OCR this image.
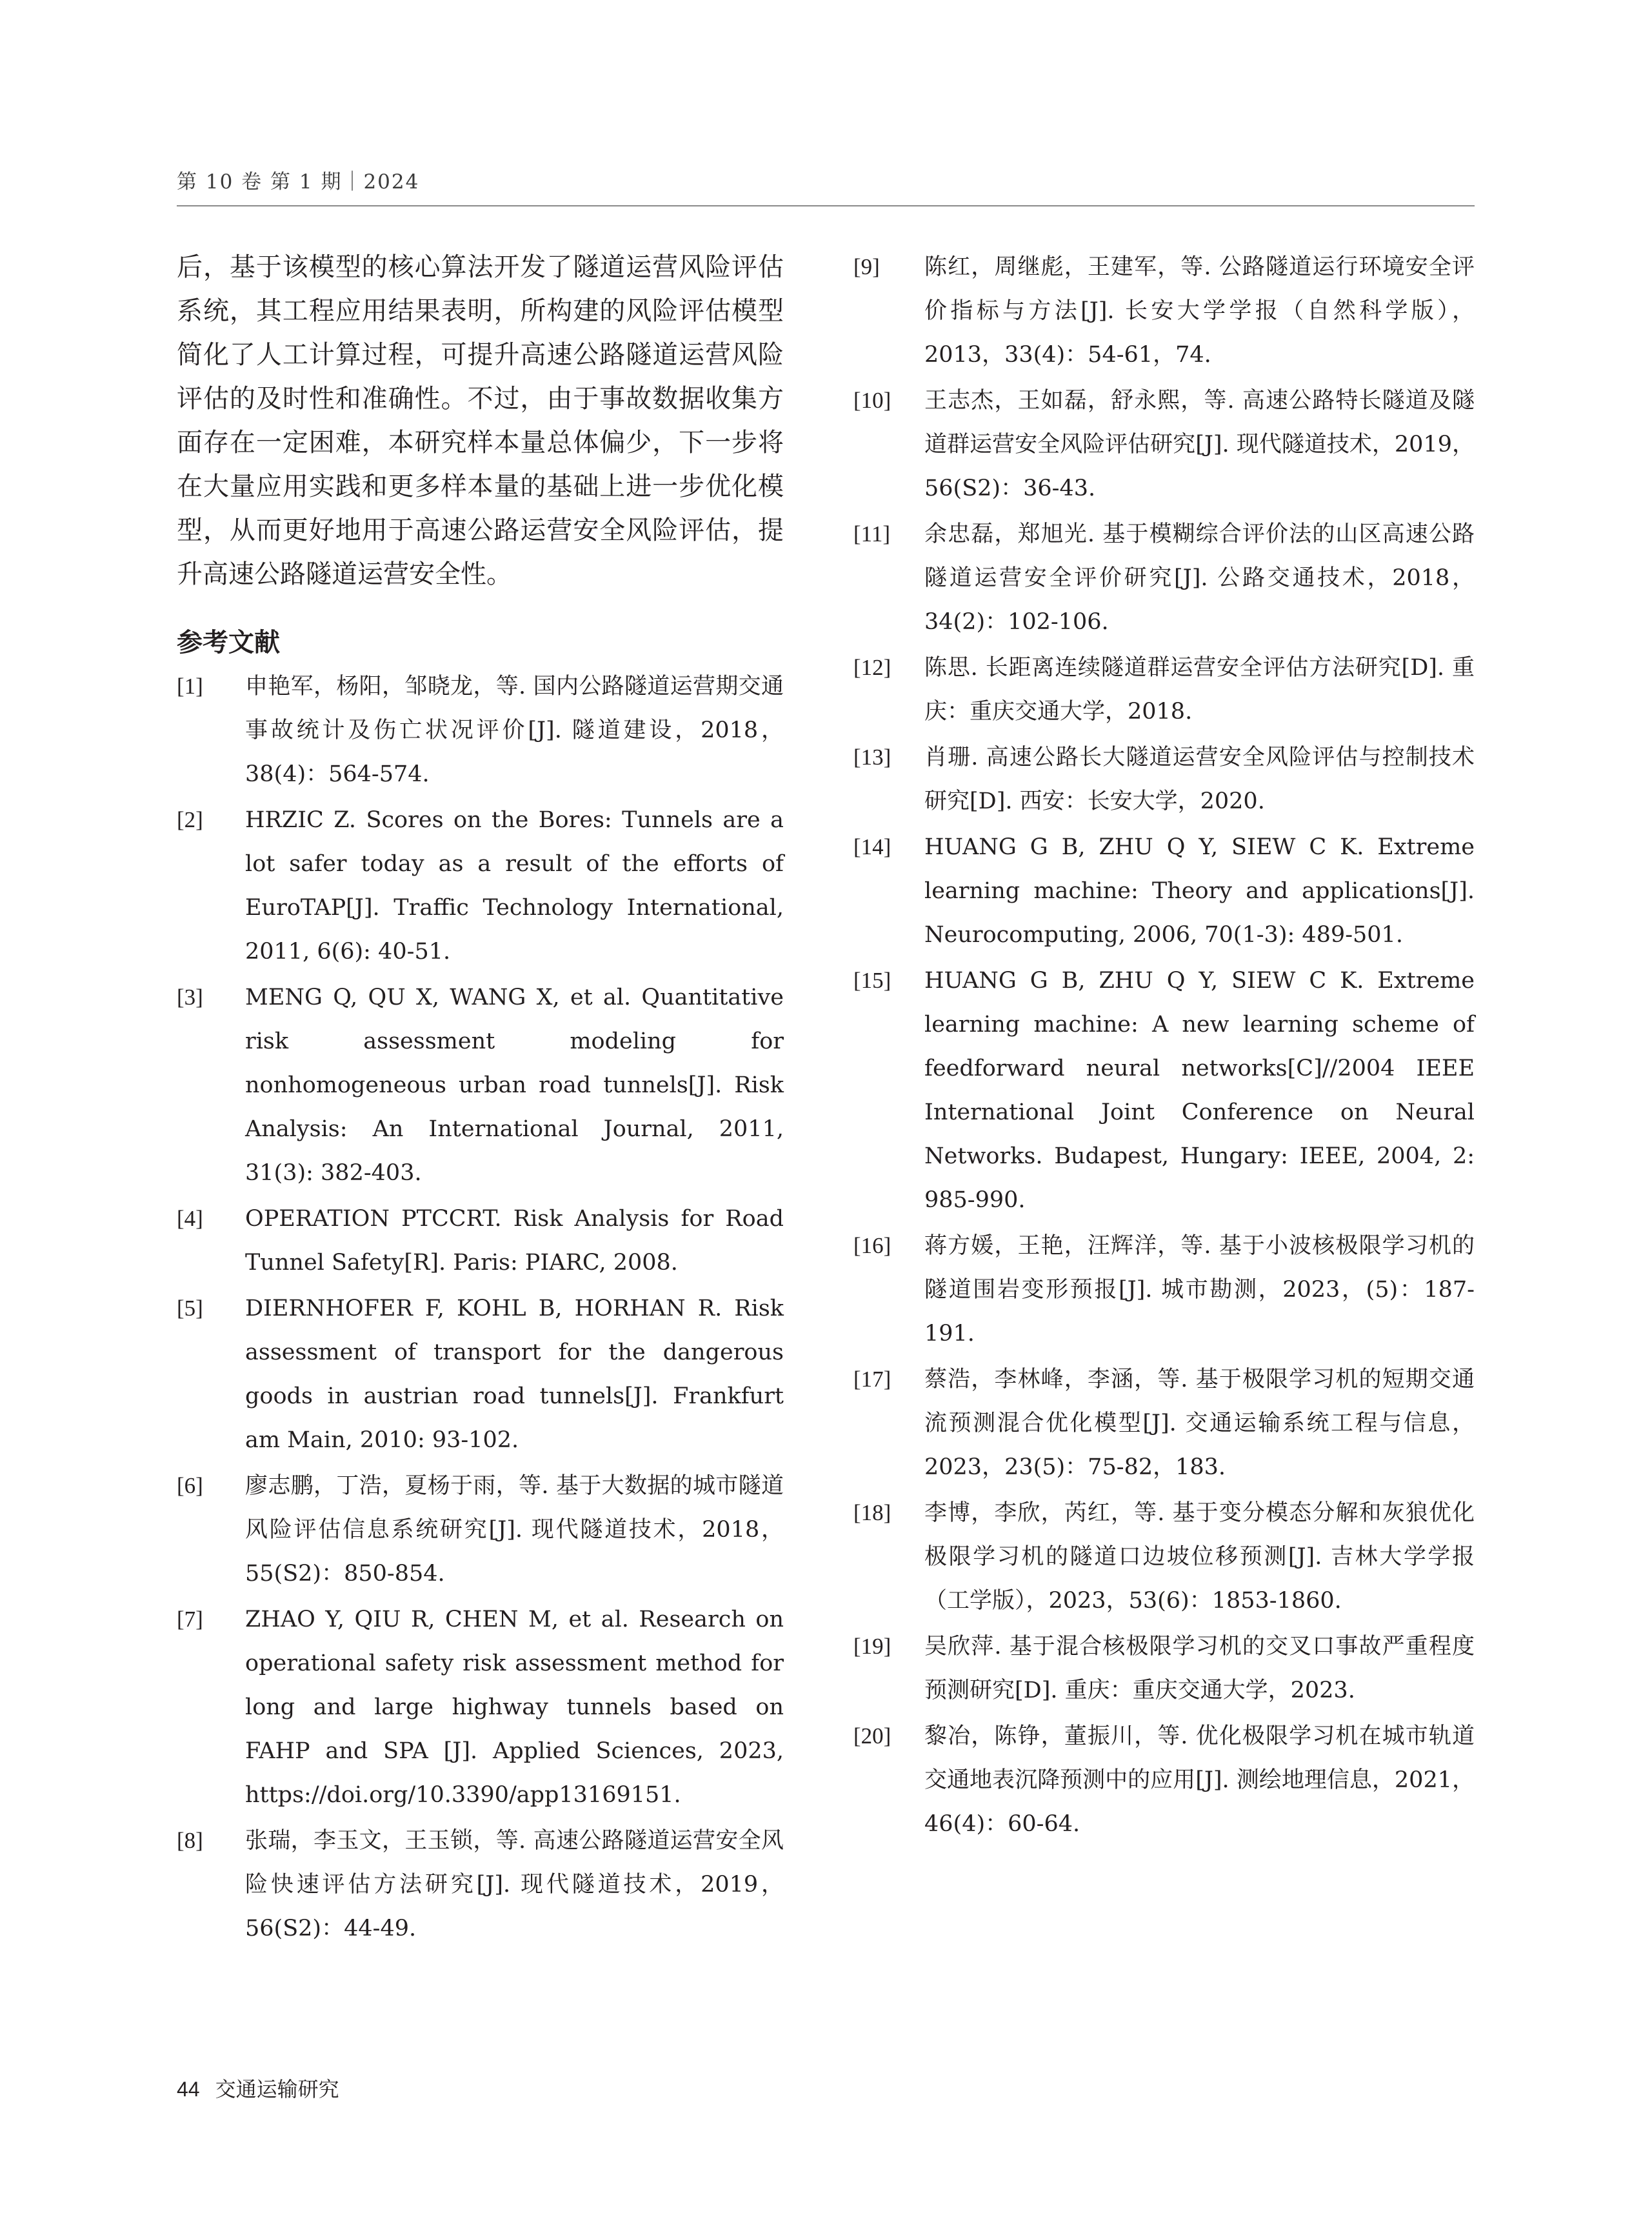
第 10 卷 第 1 期｜2024

后，基于该模型的核心算法开发了隧道运营风险评估系统，其工程应用结果表明，所构建的风险评估模型简化了人工计算过程，可提升高速公路隧道运营风险评估的及时性和准确性。不过，由于事故数据收集方面存在一定困难，本研究样本量总体偏少，下一步将在大量应用实践和更多样本量的基础上进一步优化模型，从而更好地用于高速公路运营安全风险评估，提升高速公路隧道运营安全性。

参考文献

[1] 申艳军，杨阳，邹晓龙，等. 国内公路隧道运营期交通事故统计及伤亡状况评价[J]. 隧道建设，2018，38(4)：564-574.
[2] HRZIC Z. Scores on the Bores: Tunnels are a lot safer today as a result of the efforts of EuroTAP[J]. Traffic Technology International, 2011, 6(6): 40-51.
[3] MENG Q, QU X, WANG X, et al. Quantitative risk assessment modeling for nonhomogeneous urban road tunnels[J]. Risk Analysis: An International Journal, 2011, 31(3): 382-403.
[4] OPERATION PTCCRT. Risk Analysis for Road Tunnel Safety[R]. Paris: PIARC, 2008.
[5] DIERNHOFER F, KOHL B, HORHAN R. Risk assessment of transport for the dangerous goods in austrian road tunnels[J]. Frankfurt am Main, 2010: 93-102.
[6] 廖志鹏，丁浩，夏杨于雨，等. 基于大数据的城市隧道风险评估信息系统研究[J]. 现代隧道技术，2018，55(S2)：850-854.
[7] ZHAO Y, QIU R, CHEN M, et al. Research on operational safety risk assessment method for long and large highway tunnels based on FAHP and SPA [J]. Applied Sciences, 2023, https://doi.org/10.3390/app13169151.
[8] 张瑞，李玉文，王玉锁，等. 高速公路隧道运营安全风险快速评估方法研究[J]. 现代隧道技术，2019，56(S2)：44-49.
[9] 陈红，周继彪，王建军，等. 公路隧道运行环境安全评价指标与方法[J]. 长安大学学报（自然科学版），2013，33(4)：54-61，74.
[10] 王志杰，王如磊，舒永熙，等. 高速公路特长隧道及隧道群运营安全风险评估研究[J]. 现代隧道技术，2019，56(S2)：36-43.
[11] 余忠磊，郑旭光. 基于模糊综合评价法的山区高速公路隧道运营安全评价研究[J]. 公路交通技术，2018，34(2)：102-106.
[12] 陈思. 长距离连续隧道群运营安全评估方法研究[D]. 重庆：重庆交通大学，2018.
[13] 肖珊. 高速公路长大隧道运营安全风险评估与控制技术研究[D]. 西安：长安大学，2020.
[14] HUANG G B, ZHU Q Y, SIEW C K. Extreme learning machine: Theory and applications[J]. Neurocomputing, 2006, 70(1-3): 489-501.
[15] HUANG G B, ZHU Q Y, SIEW C K. Extreme learning machine: A new learning scheme of feedforward neural networks[C]//2004 IEEE International Joint Conference on Neural Networks. Budapest, Hungary: IEEE, 2004, 2: 985-990.
[16] 蒋方媛，王艳，汪辉洋，等. 基于小波核极限学习机的隧道围岩变形预报[J]. 城市勘测，2023，(5)：187-191.
[17] 蔡浩，李林峰，李涵，等. 基于极限学习机的短期交通流预测混合优化模型[J]. 交通运输系统工程与信息，2023，23(5)：75-82，183.
[18] 李博，李欣，芮红，等. 基于变分模态分解和灰狼优化极限学习机的隧道口边坡位移预测[J]. 吉林大学学报（工学版），2023，53(6)：1853-1860.
[19] 吴欣萍. 基于混合核极限学习机的交叉口事故严重程度预测研究[D]. 重庆：重庆交通大学，2023.
[20] 黎冶，陈铮，董振川，等. 优化极限学习机在城市轨道交通地表沉降预测中的应用[J]. 测绘地理信息，2021，46(4)：60-64.
44 交通运输研究
